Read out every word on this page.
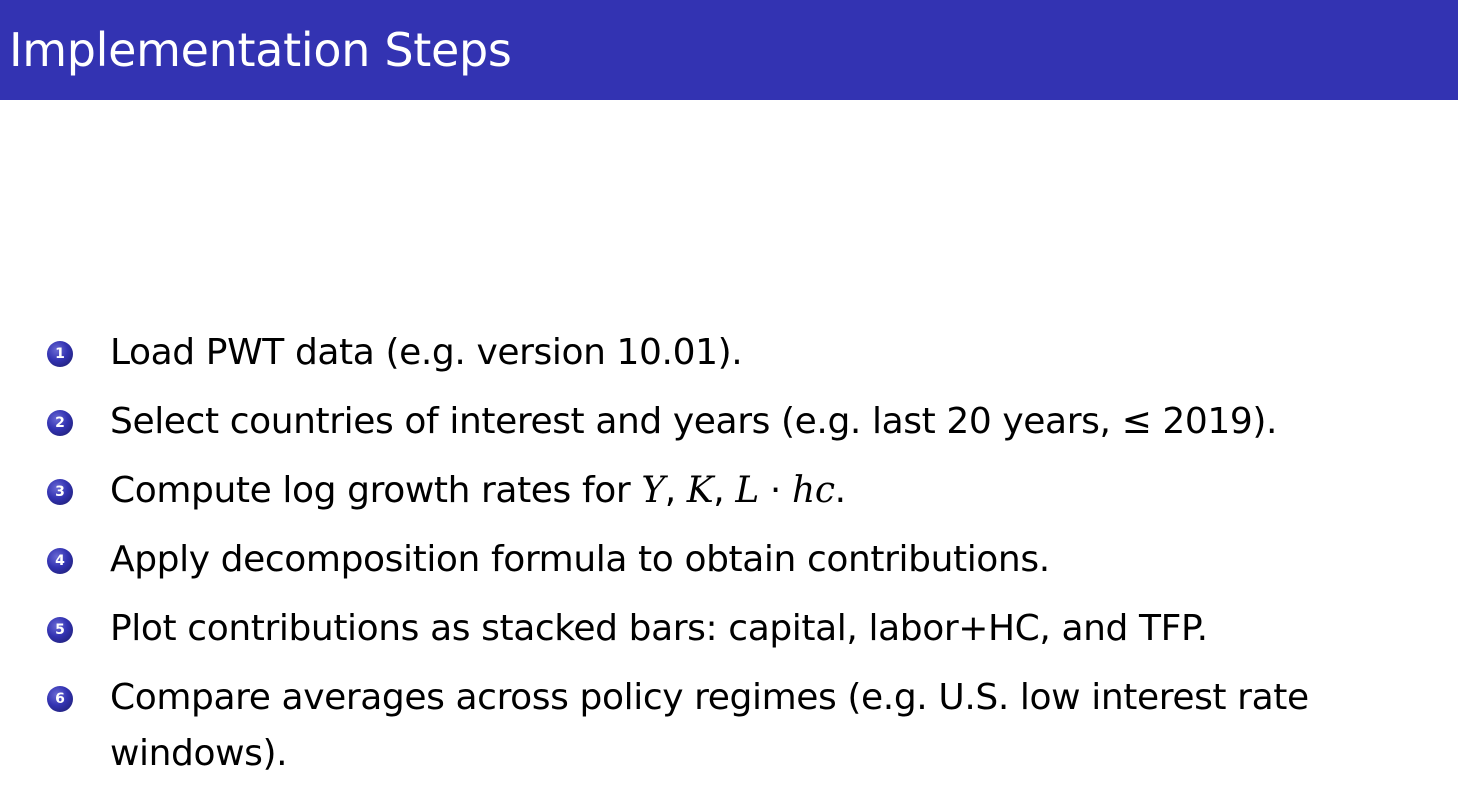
Implementation Steps
1 Load PWT data (e.g. version 10.01).
2 Select countries of interest and years (e.g. last 20 years, ≤ 2019).
3 Compute log growth rates for Y, K, L · hc.
4 Apply decomposition formula to obtain contributions.
5 Plot contributions as stacked bars: capital, labor+HC, and TFP.
6 Compare averages across policy regimes (e.g. U.S. low interest rate
windows).
